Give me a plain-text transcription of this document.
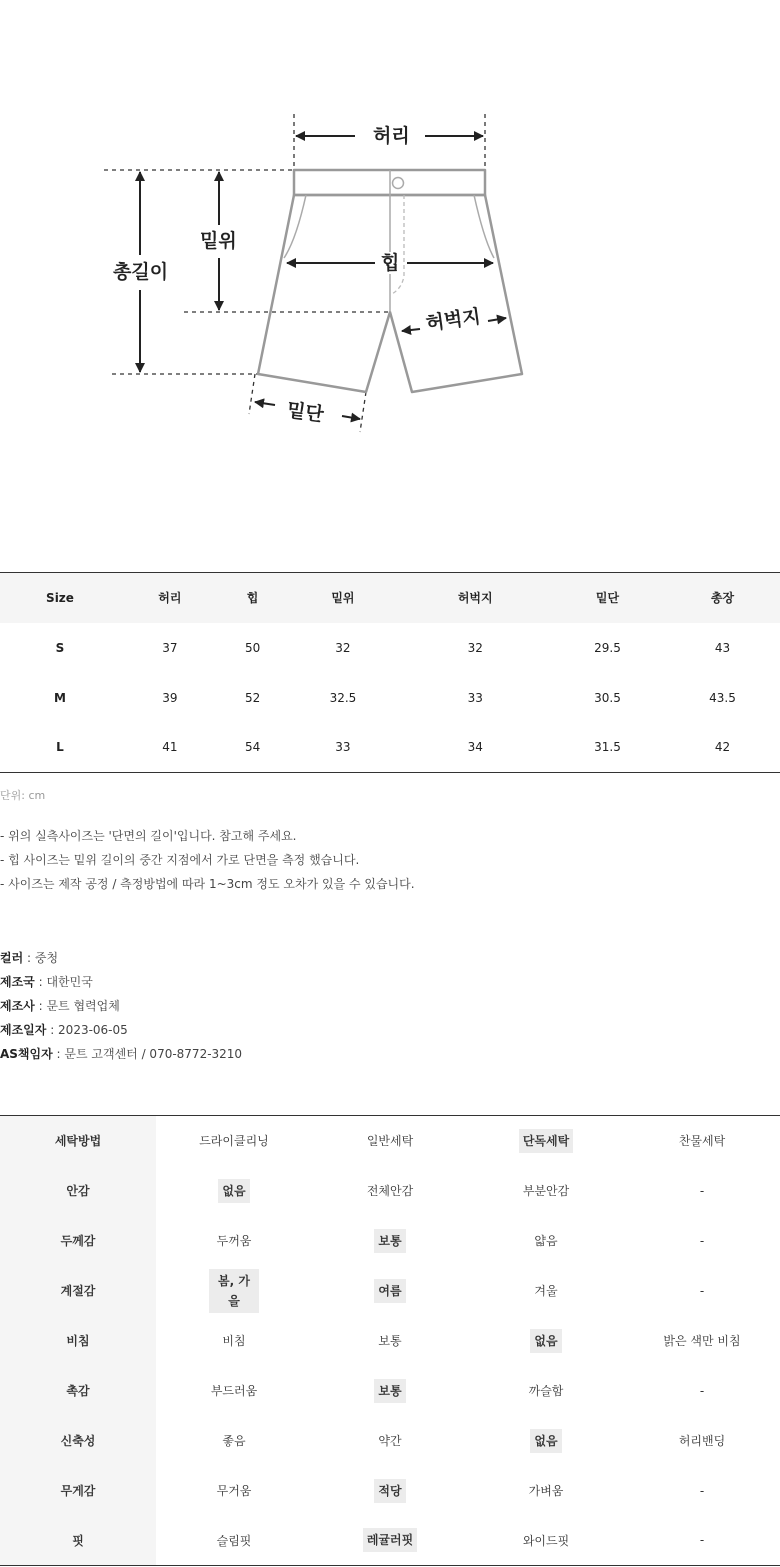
허리
밑위
총길이	힙
허벅지
밑단
Size	허리	힙	밑위	허벅지	밑단	총장
S	37	50	32	32	29.5	43
M	39	52	32.5	33	30.5	43.5
L	41	54	33	34	31.5	42
단위: cm
- 위의 실측사이즈는 '단면의 길이'입니다. 참고해 주세요.
- 힙 사이즈는 밑위 길이의 중간 지점에서 가로 단면을 측정 했습니다.
- 사이즈는 제작 공정 / 측정방법에 따라 1~3cm 정도 오차가 있을 수 있습니다.
컬러 : 중청
제조국 : 대한민국
제조사 : 문트 협력업체
제조일자 : 2023-06-05
AS책임자 : 문트 고객센터 / 070-8772-3210
세탁방법	드라이클리닝	일반세탁	단독세탁	찬물세탁
안감	없음	전체안감	부분안감	-
두께감	두꺼움	보통	얇음	-
계절감	봄, 가을	여름	겨울	-
비침	비침	보통	없음	밝은 색만 비침
촉감	부드러움	보통	까슬함	-
신축성	좋음	약간	없음	허리밴딩
무게감	무거움	적당	가벼움	-
핏	슬림핏	레귤러핏	와이드핏	-
